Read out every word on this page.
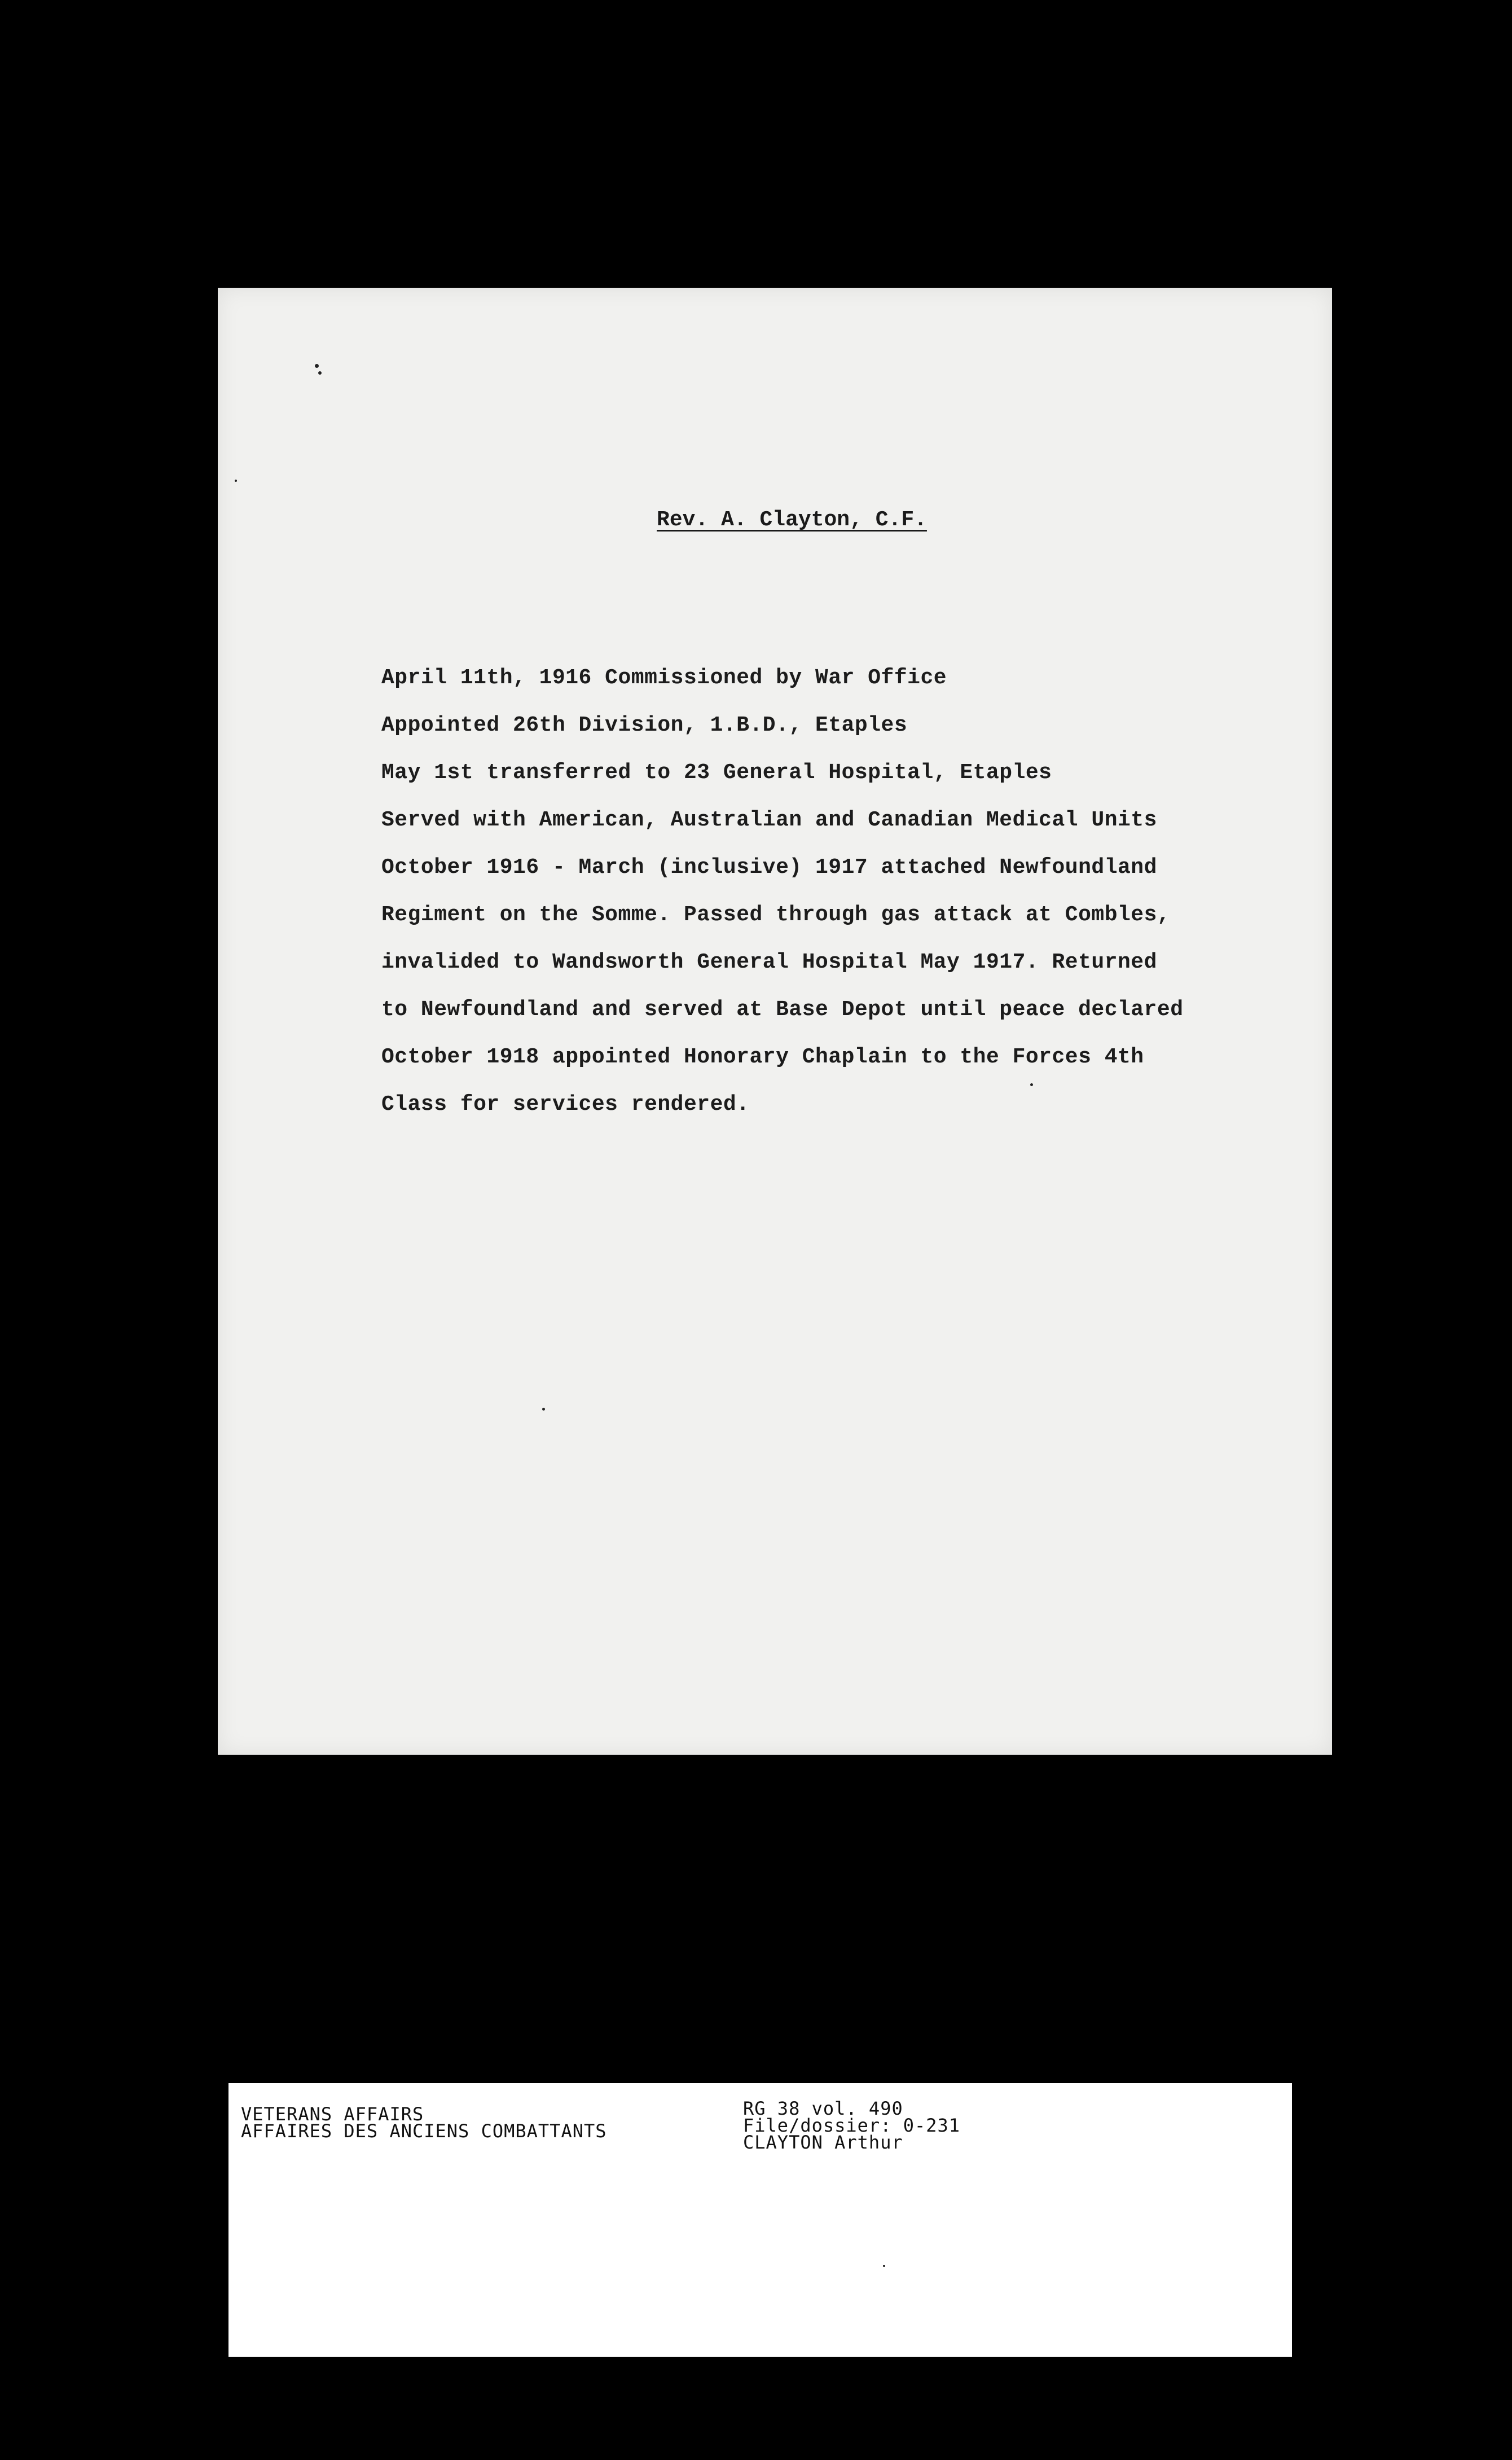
Rev. A. Clayton, C.F.
April 11th, 1916 Commissioned by War Office
Appointed 26th Division, 1.B.D., Etaples
May 1st transferred to 23 General Hospital, Etaples
Served with American, Australian and Canadian Medical Units
October 1916 - March (inclusive) 1917 attached Newfoundland
Regiment on the Somme. Passed through gas attack at Combles,
invalided to Wandsworth General Hospital May 1917. Returned
to Newfoundland and served at Base Depot until peace declared
October 1918 appointed Honorary Chaplain to the Forces 4th
Class for services rendered.
VETERANS AFFAIRS
AFFAIRES DES ANCIENS COMBATTANTS
RG 38 vol. 490
File/dossier: 0-231
CLAYTON Arthur
